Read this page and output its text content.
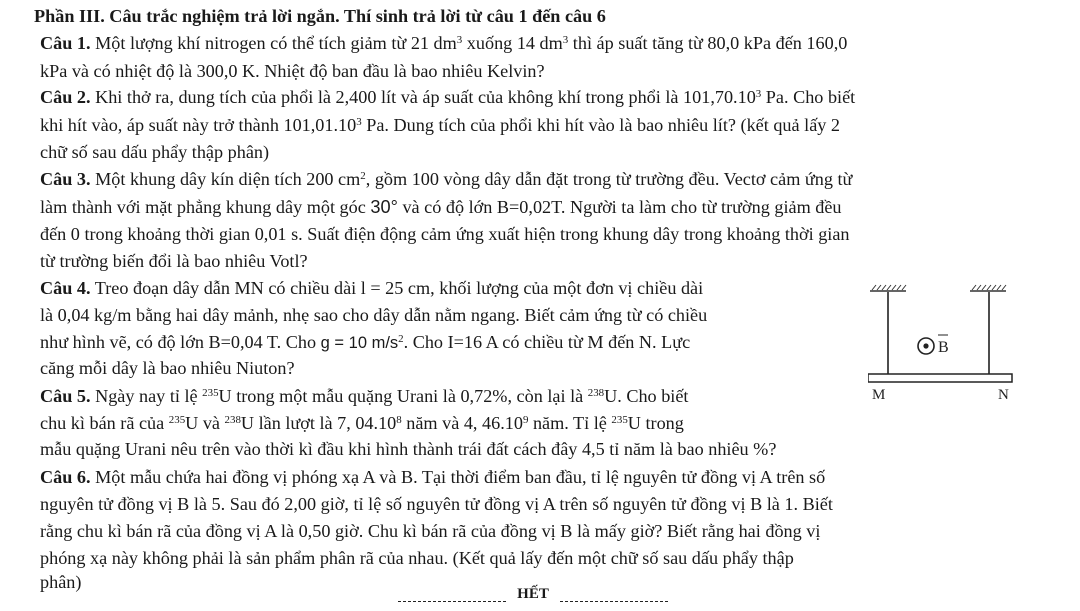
Phần III. Câu trắc nghiệm trả lời ngắn. Thí sinh trả lời từ câu 1 đến câu 6
Câu 1. Một lượng khí nitrogen có thể tích giảm từ 21 $dm^3$ xuống 14 $dm^3$ thì áp suất tăng từ 80,0 kPa đến 160,0
kPa và có nhiệt độ là 300,0 K. Nhiệt độ ban đầu là bao nhiêu Kelvin?
Câu 2. Khi thở ra, dung tích của phổi là 2,400 lít và áp suất của không khí trong phổi là 101,70.10$^3$ Pa. Cho biết
khi hít vào, áp suất này trở thành 101,01.10$^3$ Pa. Dung tích của phổi khi hít vào là bao nhiêu lít? (kết quả lấy 2
chữ số sau dấu phẩy thập phân)
Câu 3. Một khung dây kín diện tích 200 $cm^2$, gồm 100 vòng dây dẫn đặt trong từ trường đều. Vectơ cảm ứng từ
làm thành với mặt phẳng khung dây một góc 30° và có độ lớn B=0,02T. Người ta làm cho từ trường giảm đều
đến 0 trong khoảng thời gian 0,01 s. Suất điện động cảm ứng xuất hiện trong khung dây trong khoảng thời gian
từ trường biến đổi là bao nhiêu Votl?
Câu 4. Treo đoạn dây dẫn MN có chiều dài l = 25 cm, khối lượng của một đơn vị chiều dài
là 0,04 kg/m bằng hai dây mảnh, nhẹ sao cho dây dẫn nằm ngang. Biết cảm ứng từ có chiều
như hình vẽ, có độ lớn B=0,04 T. Cho g = 10 $m/s^2$. Cho I=16 A có chiều từ M đến N. Lực
căng mỗi dây là bao nhiêu Niuton?
Câu 5. Ngày nay tỉ lệ $^{235}$U trong một mẫu quặng Urani là 0,72%, còn lại là $^{238}$U. Cho biết
chu kì bán rã của $^{235}$U và $^{238}$U lần lượt là 7, 04.10$^8$ năm và 4, 46.10$^9$ năm. Tỉ lệ $^{235}$U trong
mẫu quặng Urani nêu trên vào thời kì đầu khi hình thành trái đất cách đây 4,5 tỉ năm là bao nhiêu %?
Câu 6. Một mẫu chứa hai đồng vị phóng xạ A và B. Tại thời điểm ban đầu, tỉ lệ nguyên tử đồng vị A trên số
nguyên tử đồng vị B là 5. Sau đó 2,00 giờ, tỉ lệ số nguyên tử đồng vị A trên số nguyên tử đồng vị B là 1. Biết
rằng chu kì bán rã của đồng vị A là 0,50 giờ. Chu kì bán rã của đồng vị B là mấy giờ? Biết rằng hai đồng vị
phóng xạ này không phải là sản phẩm phân rã của nhau. (Kết quả lấy đến một chữ số sau dấu phẩy thập
phân)
B
M	N
HẾT
